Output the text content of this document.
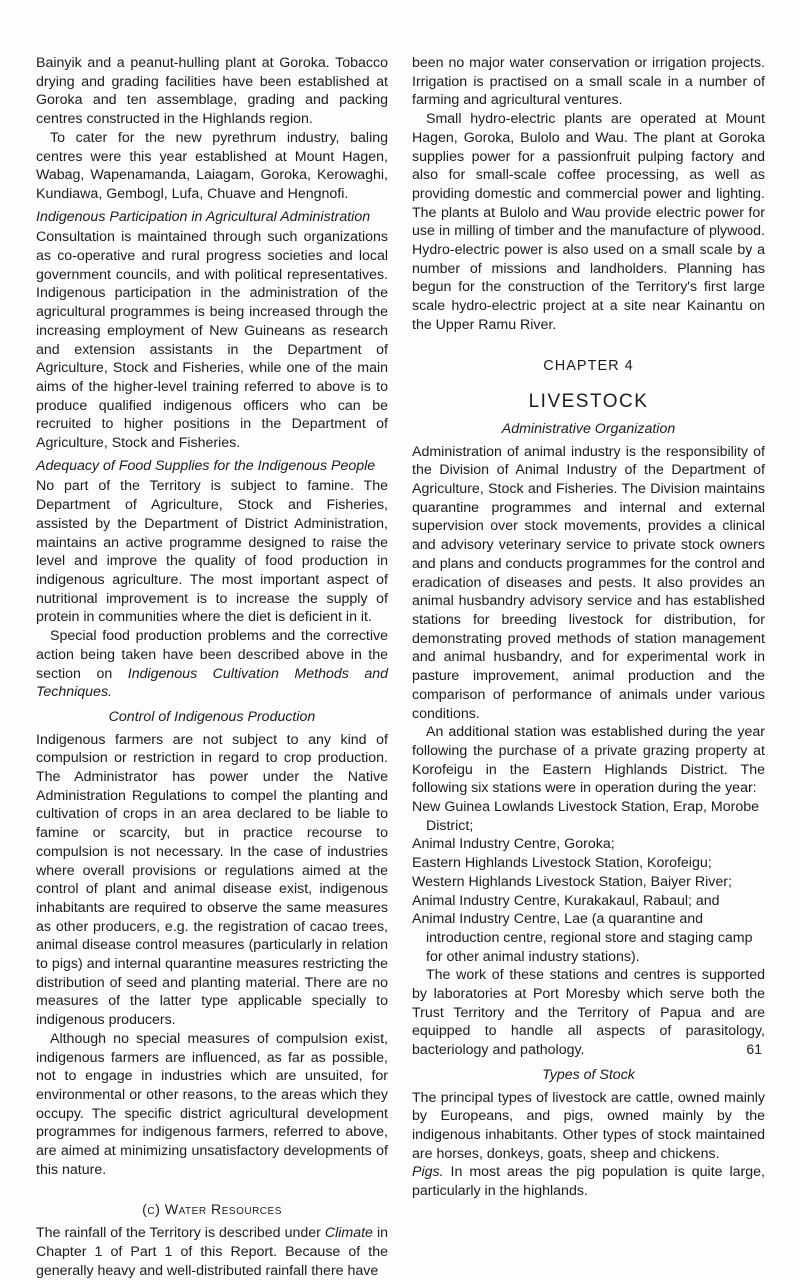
Bainyik and a peanut-hulling plant at Goroka. Tobacco drying and grading facilities have been established at Goroka and ten assemblage, grading and packing centres constructed in the Highlands region.

To cater for the new pyrethrum industry, baling centres were this year established at Mount Hagen, Wabag, Wapenamanda, Laiagam, Goroka, Kerowaghi, Kundiawa, Gembogl, Lufa, Chuave and Hengnofi.

Indigenous Participation in Agricultural Administration

Consultation is maintained through such organizations as co-operative and rural progress societies and local government councils, and with political representatives. Indigenous participation in the administration of the agricultural programmes is being increased through the increasing employment of New Guineans as research and extension assistants in the Department of Agriculture, Stock and Fisheries, while one of the main aims of the higher-level training referred to above is to produce qualified indigenous officers who can be recruited to higher positions in the Department of Agriculture, Stock and Fisheries.

Adequacy of Food Supplies for the Indigenous People

No part of the Territory is subject to famine. The Department of Agriculture, Stock and Fisheries, assisted by the Department of District Administration, maintains an active programme designed to raise the level and improve the quality of food production in indigenous agriculture. The most important aspect of nutritional improvement is to increase the supply of protein in communities where the diet is deficient in it.

Special food production problems and the corrective action being taken have been described above in the section on Indigenous Cultivation Methods and Techniques.

Control of Indigenous Production

Indigenous farmers are not subject to any kind of compulsion or restriction in regard to crop production. The Administrator has power under the Native Administration Regulations to compel the planting and cultivation of crops in an area declared to be liable to famine or scarcity, but in practice recourse to compulsion is not necessary. In the case of industries where overall provisions or regulations aimed at the control of plant and animal disease exist, indigenous inhabitants are required to observe the same measures as other producers, e.g. the registration of cacao trees, animal disease control measures (particularly in relation to pigs) and internal quarantine measures restricting the distribution of seed and planting material. There are no measures of the latter type applicable specially to indigenous producers.

Although no special measures of compulsion exist, indigenous farmers are influenced, as far as possible, not to engage in industries which are unsuited, for environmental or other reasons, to the areas which they occupy. The specific district agricultural development programmes for indigenous farmers, referred to above, are aimed at minimizing unsatisfactory developments of this nature.

(c) Water Resources

The rainfall of the Territory is described under Climate in Chapter 1 of Part 1 of this Report. Because of the generally heavy and well-distributed rainfall there have

been no major water conservation or irrigation projects. Irrigation is practised on a small scale in a number of farming and agricultural ventures.

Small hydro-electric plants are operated at Mount Hagen, Goroka, Bulolo and Wau. The plant at Goroka supplies power for a passionfruit pulping factory and also for small-scale coffee processing, as well as providing domestic and commercial power and lighting. The plants at Bulolo and Wau provide electric power for use in milling of timber and the manufacture of plywood. Hydro-electric power is also used on a small scale by a number of missions and landholders. Planning has begun for the construction of the Territory's first large scale hydro-electric project at a site near Kainantu on the Upper Ramu River.

CHAPTER 4

LIVESTOCK

Administrative Organization

Administration of animal industry is the responsibility of the Division of Animal Industry of the Department of Agriculture, Stock and Fisheries. The Division maintains quarantine programmes and internal and external supervision over stock movements, provides a clinical and advisory veterinary service to private stock owners and plans and conducts programmes for the control and eradication of diseases and pests. It also provides an animal husbandry advisory service and has established stations for breeding livestock for distribution, for demonstrating proved methods of station management and animal husbandry, and for experimental work in pasture improvement, animal production and the comparison of performance of animals under various conditions.

An additional station was established during the year following the purchase of a private grazing property at Korofeigu in the Eastern Highlands District. The following six stations were in operation during the year:

New Guinea Lowlands Livestock Station, Erap, Morobe District;

Animal Industry Centre, Goroka;

Eastern Highlands Livestock Station, Korofeigu;

Western Highlands Livestock Station, Baiyer River;

Animal Industry Centre, Kurakakaul, Rabaul; and

Animal Industry Centre, Lae (a quarantine and introduction centre, regional store and staging camp for other animal industry stations).

The work of these stations and centres is supported by laboratories at Port Moresby which serve both the Trust Territory and the Territory of Papua and are equipped to handle all aspects of parasitology, bacteriology and pathology.

Types of Stock

The principal types of livestock are cattle, owned mainly by Europeans, and pigs, owned mainly by the indigenous inhabitants. Other types of stock maintained are horses, donkeys, goats, sheep and chickens.

Pigs. In most areas the pig population is quite large, particularly in the highlands.

61
